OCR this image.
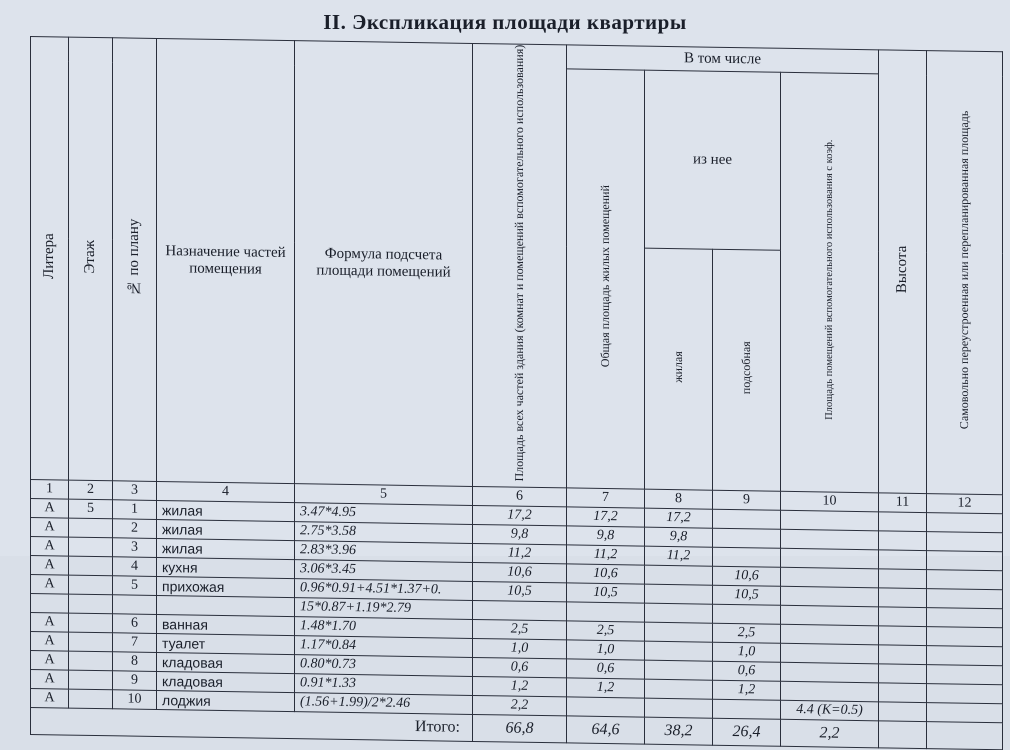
II. Экспликация площади квартиры
Литера	Этаж	№ по плану	Назначение частей помещения	Формула подсчета площади помещений	Площадь всех частей здания (комнат и помещений вспомогательного использования)	В том числе				Высота	Самовольно переустроенная или перепланированная площадь
						Общая площадь жилых помещений	из нее		Площадь помещений вспомогательного использования с коэф.		
							жилая	подсобная			
1	2	3	4	5	6	7	8	9	10	11	12
А	5	1	жилая	3.47*4.95	17,2	17,2	17,2				
А		2	жилая	2.75*3.58	9,8	9,8	9,8				
А		3	жилая	2.83*3.96	11,2	11,2	11,2				
А		4	кухня	3.06*3.45	10,6	10,6		10,6			
А		5	прихожая	0.96*0.91+4.51*1.37+0.	10,5	10,5		10,5			
				15*0.87+1.19*2.79							
А		6	ванная	1.48*1.70	2,5	2,5		2,5			
А		7	туалет	1.17*0.84	1,0	1,0		1,0			
А		8	кладовая	0.80*0.73	0,6	0,6		0,6			
А		9	кладовая	0.91*1.33	1,2	1,2		1,2			
А		10	лоджия	(1.56+1.99)/2*2.46	2,2				4.4 (К=0.5)		
Итого:					66,8	64,6	38,2	26,4	2,2		
